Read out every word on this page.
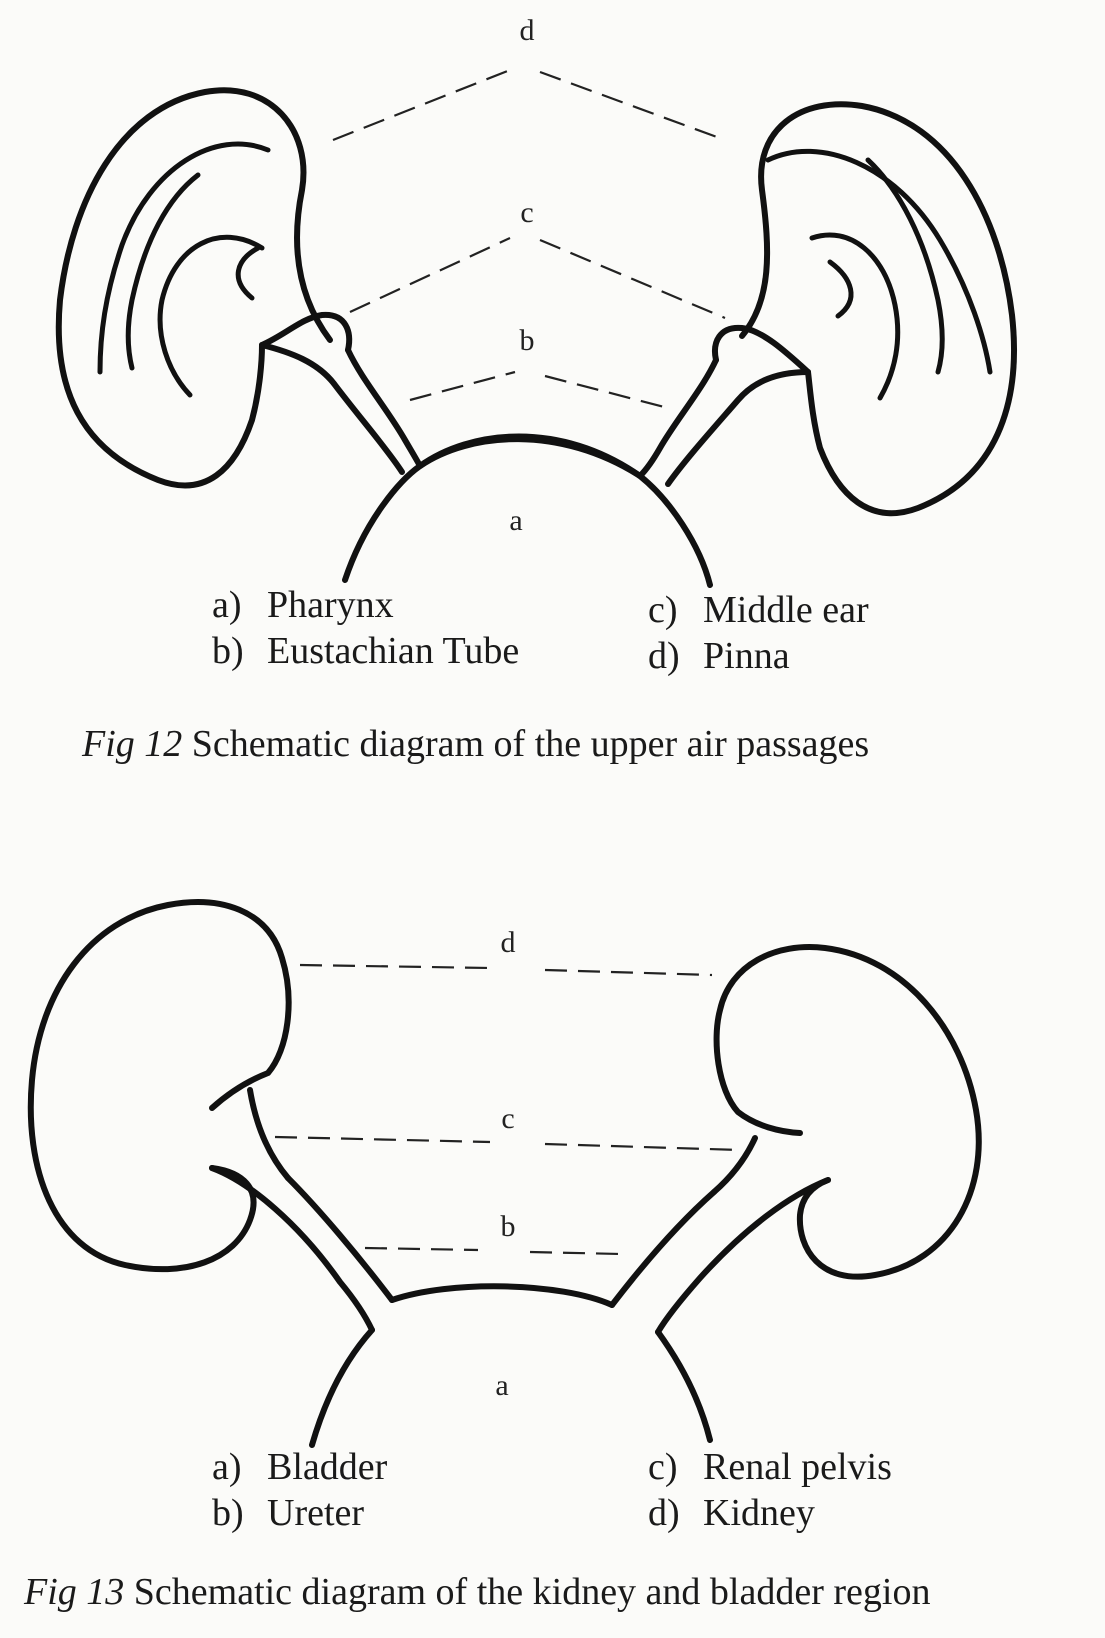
d
c
b
a
a) Pharynx
b) Eustachian Tube
c) Middle ear
d) Pinna
Fig 12 Schematic diagram of the upper air passages
d
c
b
a
a) Bladder
b) Ureter
c) Renal pelvis
d) Kidney
Fig 13 Schematic diagram of the kidney and bladder region
